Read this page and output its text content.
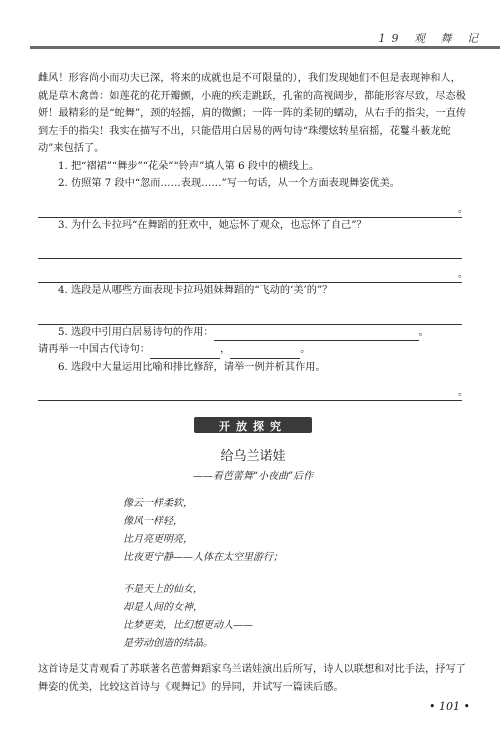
19 观 舞 记

雌风！形容尚小而功夫已深，将来的成就也是不可限量的），我们发现她们不但是表现神和人，就是草木禽兽：如莲花的花开瓣颤，小鹿的疾走跳跃，孔雀的高视阔步，都能形容尽致，尽态极妍！最精彩的是“蛇舞”，颈的轻摇，肩的微颤；一阵一阵的柔韧的蠕动，从右手的指尖，一直传到左手的指尖！我实在描写不出，只能借用白居易的两句诗“珠缨炫转星宿摇，花鬘斗薮龙蛇动”来包括了。

1. 把“褶裙”“舞步”“花朵”“铃声”填人第 6 段中的横线上。

2. 仿照第 7 段中“忽而……表现……”写一句话，从一个方面表现舞姿优美。

。

3. 为什么卡拉玛“在舞蹈的狂欢中，她忘怀了观众，也忘怀了自己”？

。

4. 选段是从哪些方面表现卡拉玛姐妹舞蹈的“飞动的‘美’的”？

5. 选段中引用白居易诗句的作用：	。

请再举一中国古代诗句：	，	。

6. 选段中大量运用比喻和排比修辞，请举一例并析其作用。

。
开放探究
给乌兰诺娃
——看芭蕾舞“小夜曲”后作
像云一样柔软，
像风一样轻，
比月亮更明亮，
比夜更宁静——人体在太空里游行；
不是天上的仙女，
却是人间的女神，
比梦更美，比幻想更动人——
是劳动创造的结晶。

这首诗是艾青观看了苏联著名芭蕾舞蹈家乌兰诺娃演出后所写，诗人以联想和对比手法，抒写了舞姿的优美，比较这首诗与《观舞记》的异同，并试写一篇读后感。

• 101 •
